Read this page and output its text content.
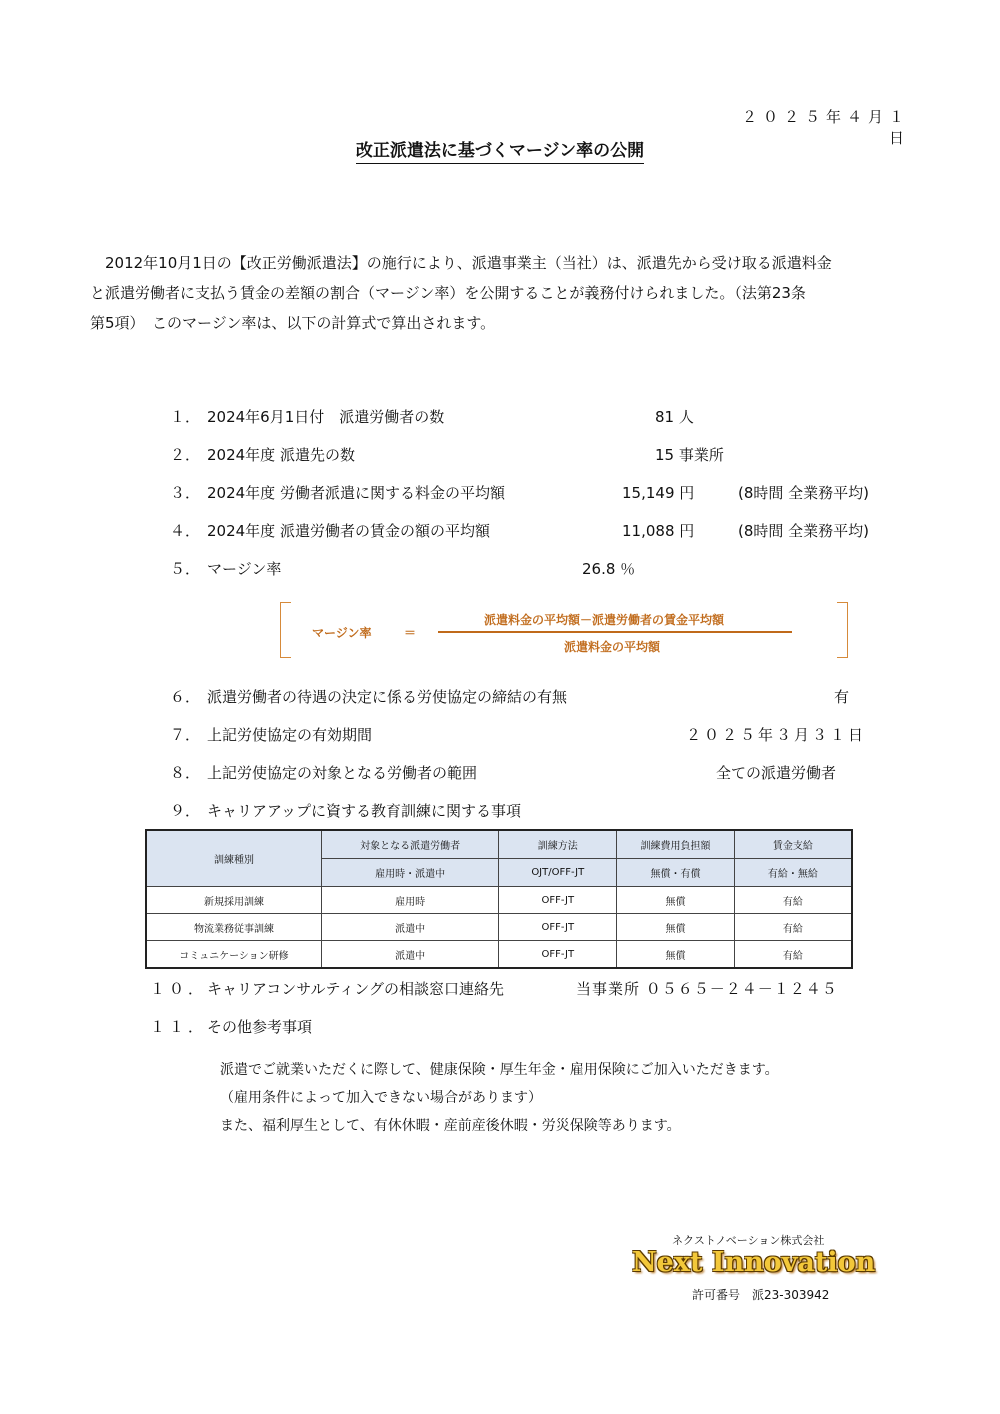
２０２５年４月１日
改正派遣法に基づくマージン率の公開

　2012年10月1日の【改正労働派遣法】の施行により、派遣事業主（当社）は、派遣先から受け取る派遣料金

と派遣労働者に支払う賃金の差額の割合（マージン率）を公開することが義務付けられました。（法第23条

第5項）　このマージン率は、以下の計算式で算出されます。

１． 2024年6月1日付　派遣労働者の数	81 人
２． 2024年度 派遣先の数	15 事業所
３． 2024年度 労働者派遣に関する料金の平均額	15,149 円	(8時間 全業務平均)
４． 2024年度 派遣労働者の賃金の額の平均額	11,088 円	(8時間 全業務平均)
５． マージン率	26.8 ％
マージン率	＝
派遣料金の平均額－派遣労働者の賃金平均額
派遣料金の平均額
６． 派遣労働者の待遇の決定に係る労使協定の締結の有無	有
７． 上記労使協定の有効期間	２０２５年３月３１日
８． 上記労使協定の対象となる労働者の範囲	全ての派遣労働者
９． キャリアアップに資する教育訓練に関する事項
訓練種別	対象となる派遣労働者	訓練方法	訓練費用負担額	賃金支給
	雇用時・派遣中	OJT/OFF-JT	無償・有償	有給・無給
新規採用訓練	雇用時	OFF-JT	無償	有給
物流業務従事訓練	派遣中	OFF-JT	無償	有給
コミュニケーション研修	派遣中	OFF-JT	無償	有給
１０． キャリアコンサルティングの相談窓口連絡先	当事業所 ０５６５－２４－１２４５
１１． その他参考事項

派遣でご就業いただくに際して、健康保険・厚生年金・雇用保険にご加入いただきます。

（雇用条件によって加入できない場合があります）

また、福利厚生として、有休休暇・産前産後休暇・労災保険等あります。

ネクストノベーション株式会社
Next Innovation
許可番号　派23-303942
